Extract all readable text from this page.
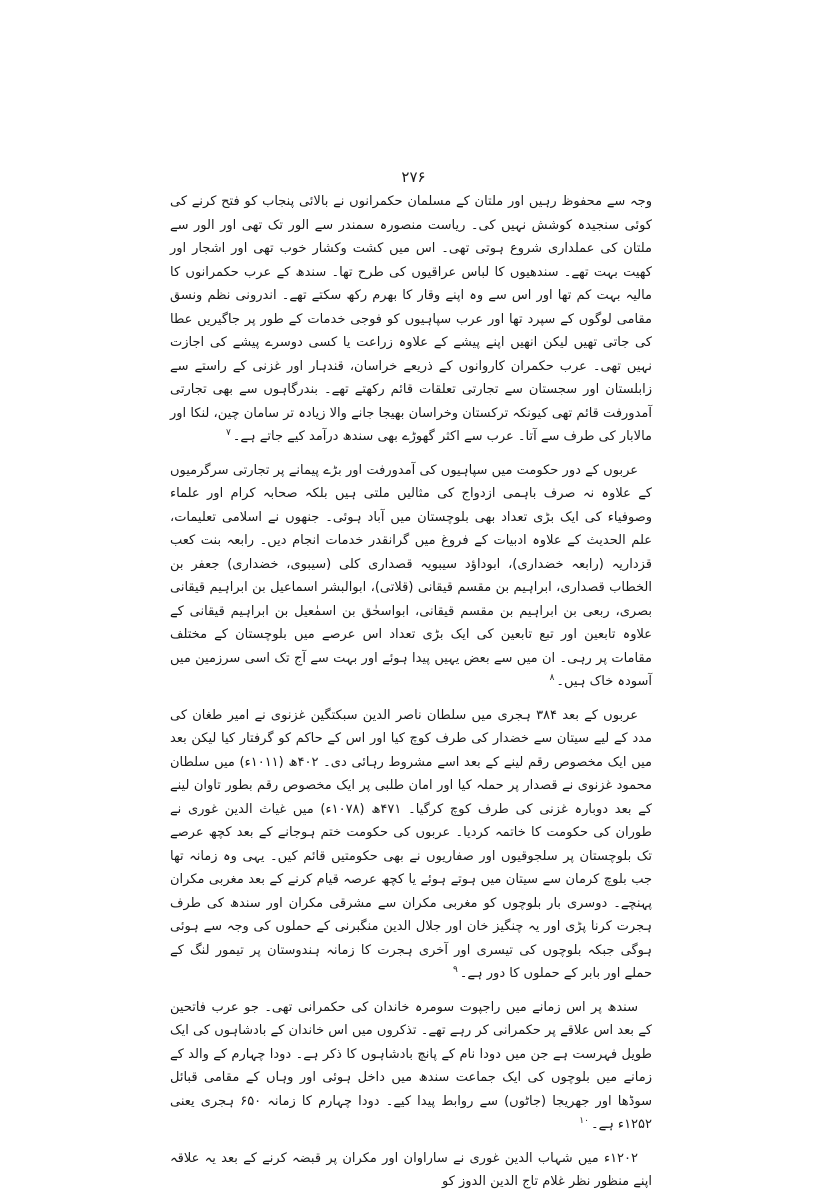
۲۷۶

وجہ سے محفوظ رہیں اور ملتان کے مسلمان حکمرانوں نے بالائی پنجاب کو فتح کرنے کی کوئی سنجیدہ کوشش نہیں کی۔ ریاست منصورہ سمندر سے الور تک تھی اور الور سے ملتان کی عملداری شروع ہوتی تھی۔ اس میں کشت وکشار خوب تھی اور اشجار اور کھیت بہت تھے۔ سندھیوں کا لباس عراقیوں کی طرح تھا۔ سندھ کے عرب حکمرانوں کا مالیہ بہت کم تھا اور اس سے وہ اپنے وقار کا بھرم رکھ سکتے تھے۔ اندرونی نظم ونسق مقامی لوگوں کے سپرد تھا اور عرب سپاہیوں کو فوجی خدمات کے طور پر جاگیریں عطا کی جاتی تھیں لیکن انھیں اپنے پیشے کے علاوہ زراعت یا کسی دوسرے پیشے کی اجازت نہیں تھی۔ عرب حکمران کاروانوں کے ذریعے خراسان، قندہار اور غزنی کے راستے سے زابلستان اور سجستان سے تجارتی تعلقات قائم رکھتے تھے۔ بندرگاہوں سے بھی تجارتی آمدورفت قائم تھی کیونکہ ترکستان وخراسان بھیجا جانے والا زیادہ تر سامان چین، لنکا اور مالابار کی طرف سے آتا۔ عرب سے اکثر گھوڑے بھی سندھ درآمد کیے جاتے ہے۔$^۷$

عربوں کے دور حکومت میں سپاہیوں کی آمدورفت اور بڑے پیمانے پر تجارتی سرگرمیوں کے علاوہ نہ صرف باہمی ازدواج کی مثالیں ملتی ہیں بلکہ صحابہ کرام اور علماء وصوفیاء کی ایک بڑی تعداد بھی بلوچستان میں آباد ہوئی۔ جنھوں نے اسلامی تعلیمات، علم الحدیث کے علاوہ ادبیات کے فروغ میں گرانقدر خدمات انجام دیں۔ رابعہ بنت کعب قزداریہ (رابعہ خضداری)، ابوداؤد سیبویہ قصداری کلی (سیبوی، خضداری) جعفر بن الخطاب قصداری، ابراہیم بن مقسم قیقانی (قلاتی)، ابوالبشر اسماعیل بن ابراہیم قیقانی بصری، ربعی بن ابراہیم بن مقسم قیقانی، ابواسحٰق بن اسمٰعیل بن ابراہیم قیقانی کے علاوہ تابعین اور تبع تابعین کی ایک بڑی تعداد اس عرصے میں بلوچستان کے مختلف مقامات پر رہی۔ ان میں سے بعض یہیں پیدا ہوئے اور بہت سے آج تک اسی سرزمین میں آسودہ خاک ہیں۔$^۸$

عربوں کے بعد ۳۸۴ ہجری میں سلطان ناصر الدین سبکتگین غزنوی نے امیر طغان کی مدد کے لیے سیتان سے خضدار کی طرف کوچ کیا اور اس کے حاکم کو گرفتار کیا لیکن بعد میں ایک مخصوص رقم لینے کے بعد اسے مشروط رہائی دی۔ ۴۰۲ھ (۱۰۱۱ء) میں سلطان محمود غزنوی نے قصدار پر حملہ کیا اور امان طلبی پر ایک مخصوص رقم بطور تاوان لینے کے بعد دوبارہ غزنی کی طرف کوچ کرگیا۔ ۴۷۱ھ (۱۰۷۸ء) میں غیاث الدین غوری نے طوران کی حکومت کا خاتمہ کردیا۔ عربوں کی حکومت ختم ہوجانے کے بعد کچھ عرصے تک بلوچستان پر سلجوقیوں اور صفاریوں نے بھی حکومتیں قائم کیں۔ یہی وہ زمانہ تھا جب بلوچ کرمان سے سیتان میں ہوتے ہوئے یا کچھ عرصہ قیام کرنے کے بعد مغربی مکران پہنچے۔ دوسری بار بلوچوں کو مغربی مکران سے مشرقی مکران اور سندھ کی طرف ہجرت کرنا پڑی اور یہ چنگیز خان اور جلال الدین منگبرنی کے حملوں کی وجہ سے ہوئی ہوگی جبکہ بلوچوں کی تیسری اور آخری ہجرت کا زمانہ ہندوستان پر تیمور لنگ کے حملے اور بابر کے حملوں کا دور ہے۔$^۹$

سندھ پر اس زمانے میں راجپوت سومرہ خاندان کی حکمرانی تھی۔ جو عرب فاتحین کے بعد اس علاقے پر حکمرانی کر رہے تھے۔ تذکروں میں اس خاندان کے بادشاہوں کی ایک طویل فہرست ہے جن میں دودا نام کے پانچ بادشاہوں کا ذکر ہے۔ دودا چہارم کے والد کے زمانے میں بلوچوں کی ایک جماعت سندھ میں داخل ہوئی اور وہاں کے مقامی قبائل سوڈھا اور جھریجا (جاٹوں) سے روابط پیدا کیے۔ دودا چہارم کا زمانہ ۶۵۰ ہجری یعنی ۱۲۵۲ء ہے۔$^{۱۰}$

۱۲۰۲ء میں شہاب الدین غوری نے ساراوان اور مکران پر قبضہ کرنے کے بعد یہ علاقہ اپنے منظور نظر غلام تاج الدین الدوز کو
